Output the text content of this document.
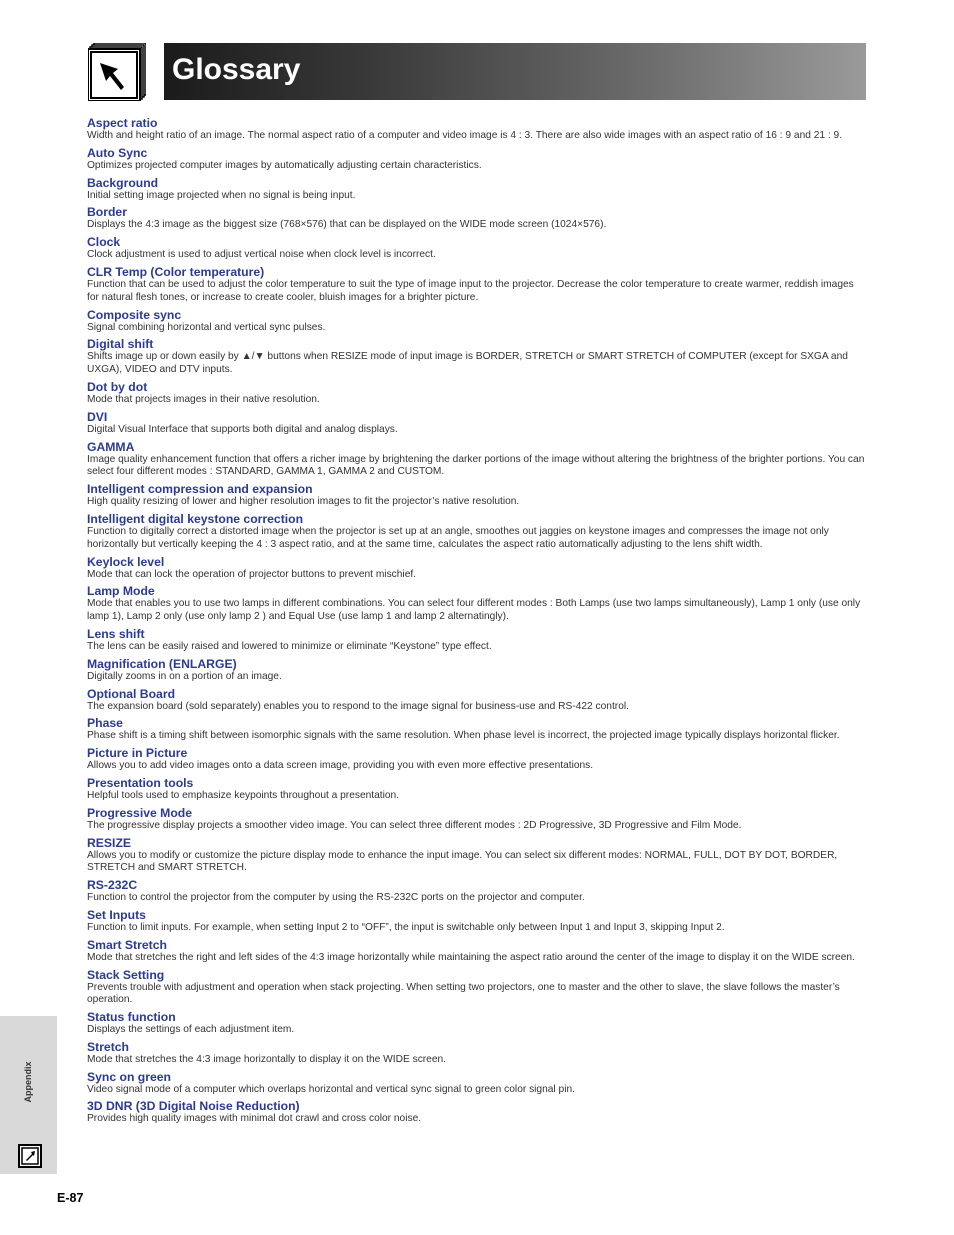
Glossary
Aspect ratio
Width and height ratio of an image. The normal aspect ratio of a computer and video image is 4 : 3. There are also wide images with an aspect ratio of 16 : 9 and 21 : 9.
Auto Sync
Optimizes projected computer images by automatically adjusting certain characteristics.
Background
Initial setting image projected when no signal is being input.
Border
Displays the 4:3 image as the biggest size (768×576) that can be displayed on the WIDE mode screen (1024×576).
Clock
Clock adjustment is used to adjust vertical noise when clock level is incorrect.
CLR Temp (Color temperature)
Function that can be used to adjust the color temperature to suit the type of image input to the projector. Decrease the color temperature to create warmer, reddish images for natural flesh tones, or increase to create cooler, bluish images for a brighter picture.
Composite sync
Signal combining horizontal and vertical sync pulses.
Digital shift
Shifts image up or down easily by ▲/▼ buttons when RESIZE mode of input image is BORDER, STRETCH or SMART STRETCH of COMPUTER (except for SXGA and UXGA), VIDEO and DTV inputs.
Dot by dot
Mode that projects images in their native resolution.
DVI
Digital Visual Interface that supports both digital and analog displays.
GAMMA
Image quality enhancement function that offers a richer image by brightening the darker portions of the image without altering the brightness of the brighter portions. You can select four different modes : STANDARD, GAMMA 1, GAMMA 2 and CUSTOM.
Intelligent compression and expansion
High quality resizing of lower and higher resolution images to fit the projector’s native resolution.
Intelligent digital keystone correction
Function to digitally correct a distorted image when the projector is set up at an angle, smoothes out jaggies on keystone images and compresses the image not only horizontally but vertically keeping the 4 : 3 aspect ratio, and at the same time, calculates the aspect ratio automatically adjusting to the lens shift width.
Keylock level
Mode that can lock the operation of projector buttons to prevent mischief.
Lamp Mode
Mode that enables you to use two lamps in different combinations. You can select four different modes : Both Lamps (use two lamps simultaneously), Lamp 1 only (use only lamp 1), Lamp 2 only (use only lamp 2 ) and Equal Use (use lamp 1 and lamp 2 alternatingly).
Lens shift
The lens can be easily raised and lowered to minimize or eliminate “Keystone” type effect.
Magnification (ENLARGE)
Digitally zooms in on a portion of an image.
Optional Board
The expansion board (sold separately) enables you to respond to the image signal for business-use and RS-422 control.
Phase
Phase shift is a timing shift between isomorphic signals with the same resolution. When phase level is incorrect, the projected image typically displays horizontal flicker.
Picture in Picture
Allows you to add video images onto a data screen image, providing you with even more effective presentations.
Presentation tools
Helpful tools used to emphasize keypoints throughout a presentation.
Progressive Mode
The progressive display projects a smoother video image. You can select three different modes : 2D Progressive, 3D Progressive and Film Mode.
RESIZE
Allows you to modify or customize the picture display mode to enhance the input image. You can select six different modes: NORMAL, FULL, DOT BY DOT, BORDER, STRETCH and SMART STRETCH.
RS-232C
Function to control the projector from the computer by using the RS-232C ports on the projector and computer.
Set Inputs
Function to limit inputs. For example, when setting Input 2 to “OFF”, the input is switchable only between Input 1 and Input 3, skipping Input 2.
Smart Stretch
Mode that stretches the right and left sides of the 4:3 image horizontally while maintaining the aspect ratio around the center of the image to display it on the WIDE screen.
Stack Setting
Prevents trouble with adjustment and operation when stack projecting. When setting two projectors, one to master and the other to slave, the slave follows the master’s operation.
Status function
Displays the settings of each adjustment item.
Stretch
Mode that stretches the 4:3 image horizontally to display it on the WIDE screen.
Sync on green
Video signal mode of a computer which overlaps horizontal and vertical sync signal to green color signal pin.
3D DNR (3D Digital Noise Reduction)
Provides high quality images with minimal dot crawl and cross color noise.
Appendix
E-87
